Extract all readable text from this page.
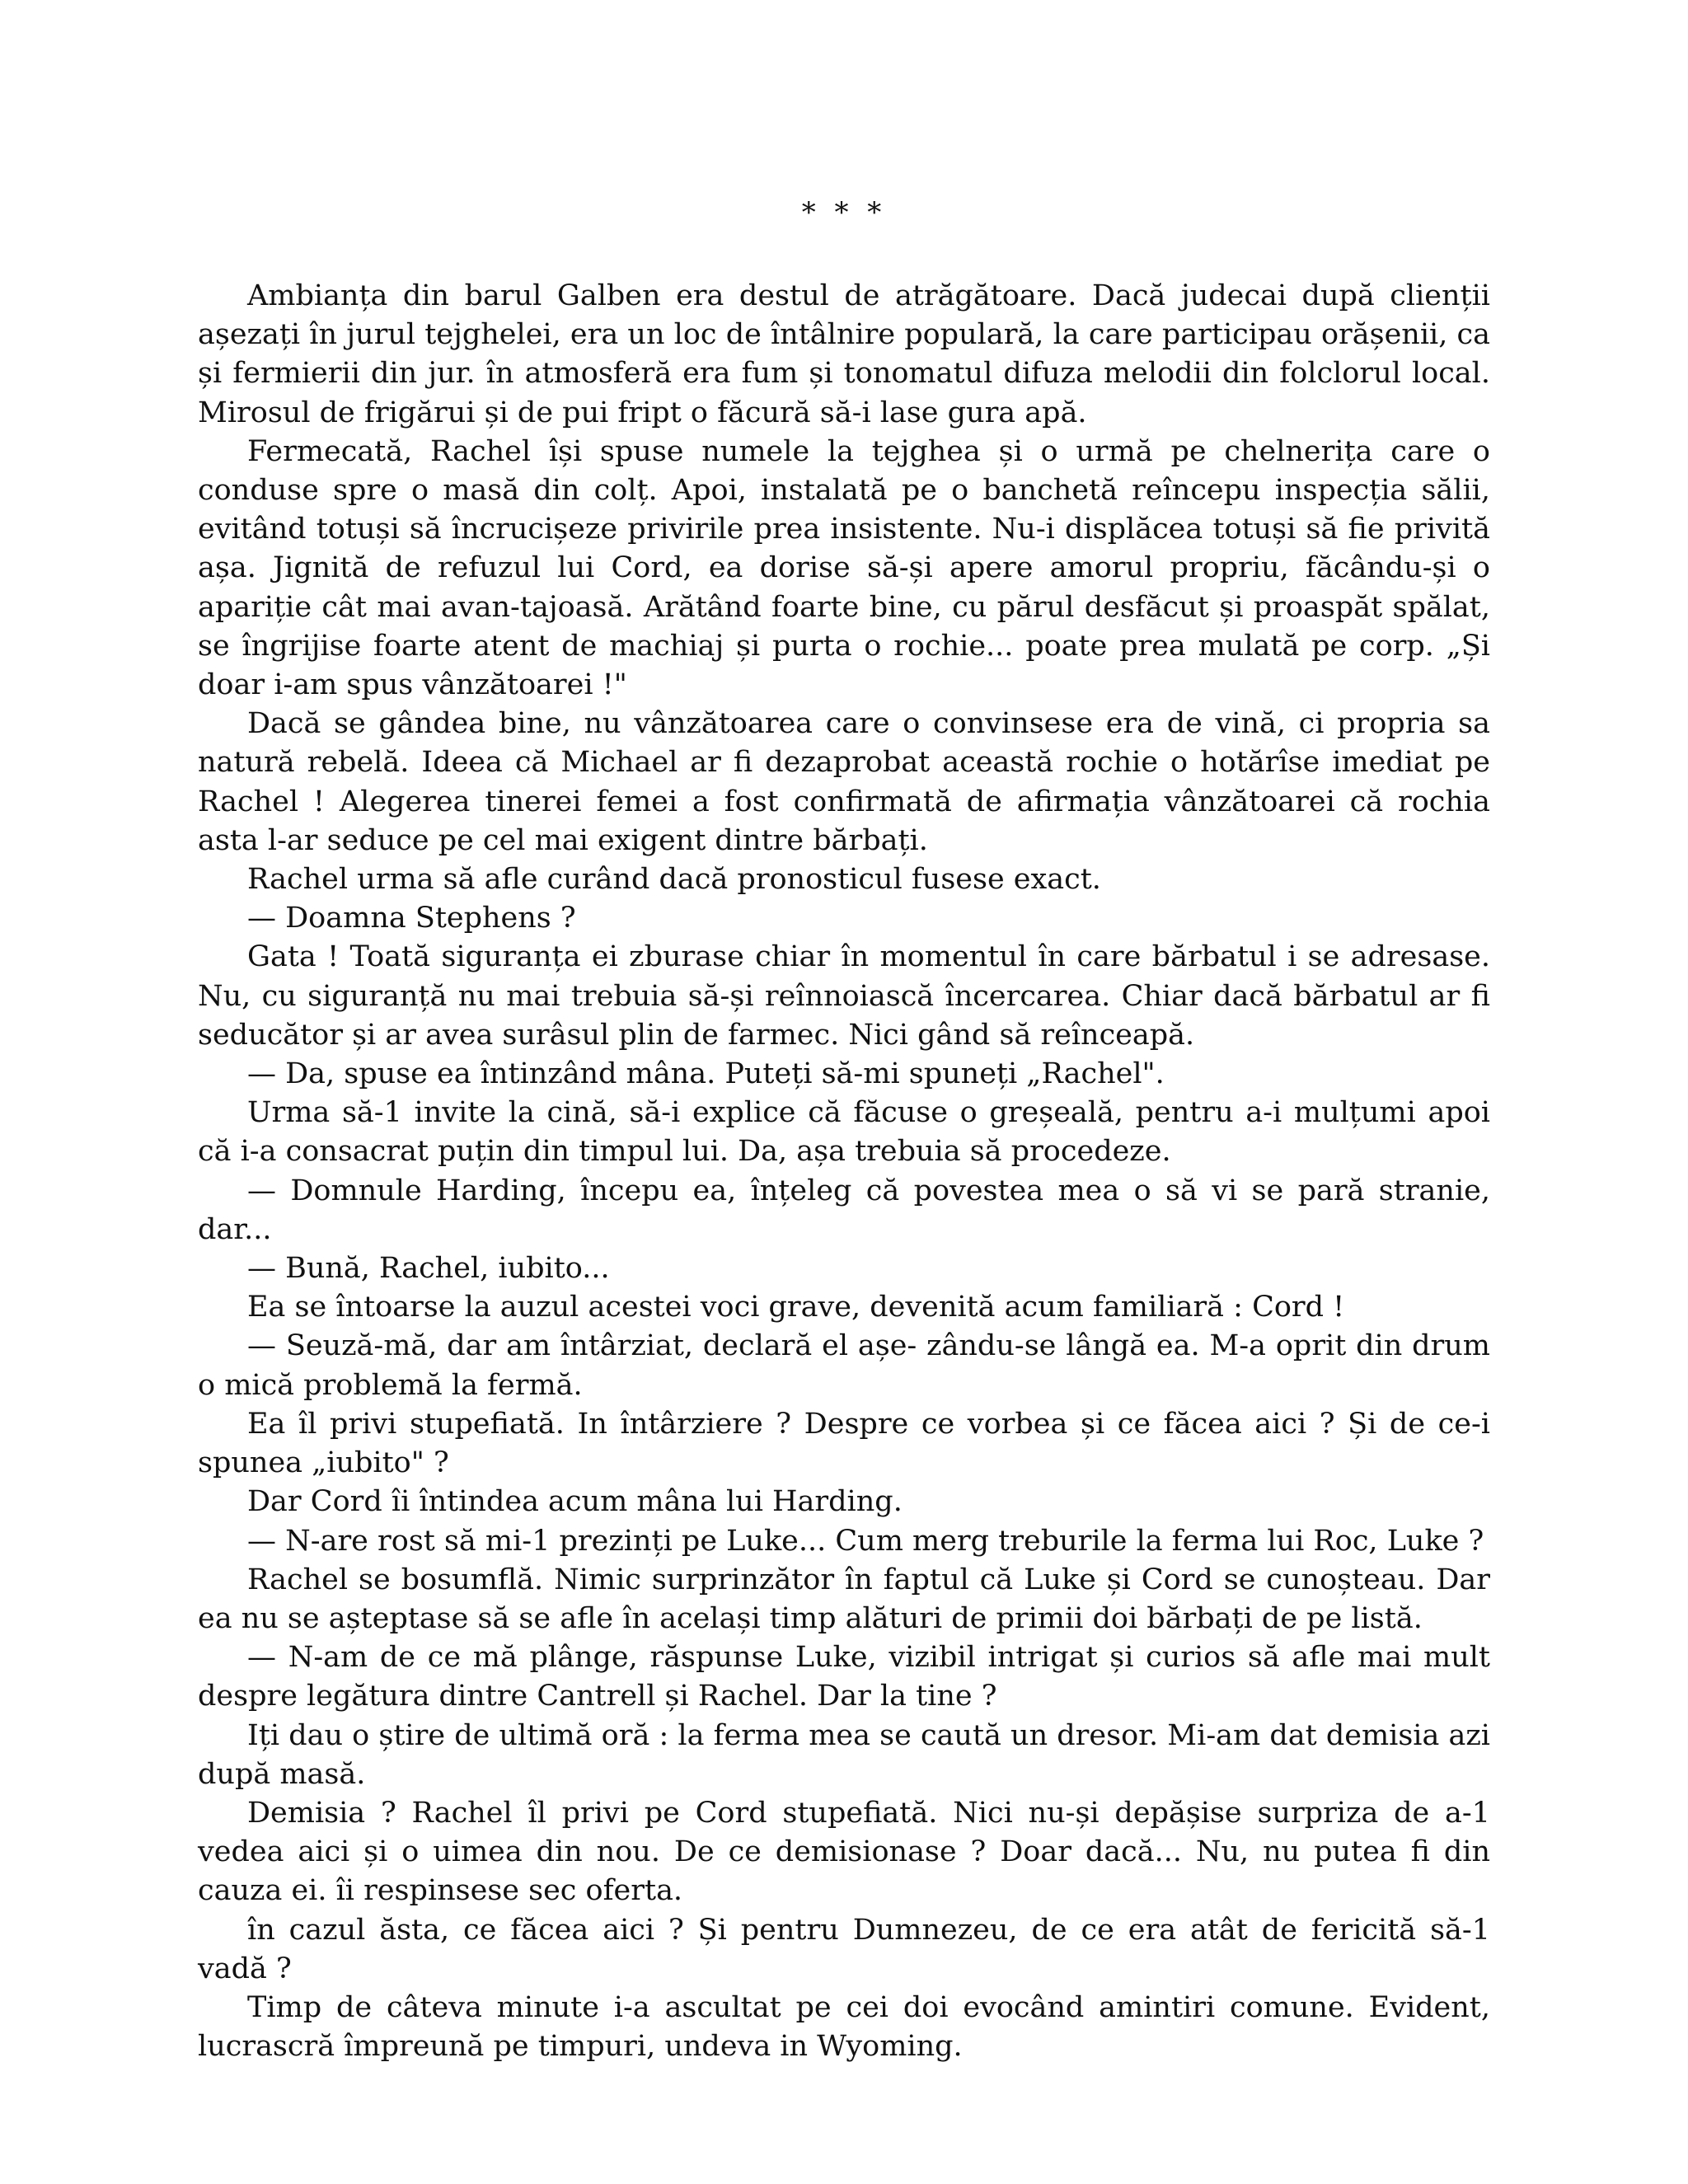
* * *

Ambianța din barul Galben era destul de atrăgătoare. Dacă judecai după clienții așezați în jurul tejghelei, era un loc de întâlnire populară, la care participau orășenii, ca și fermierii din jur. în atmosferă era fum și tonomatul difuza melodii din folclorul local. Mirosul de frigărui și de pui fript o făcură să-i lase gura apă.

Fermecată, Rachel își spuse numele la tejghea și o urmă pe chelnerița care o conduse spre o masă din colț. Apoi, instalată pe o banchetă reîncepu inspecția sălii, evitând totuși să încrucișeze privirile prea insistente. Nu-i displăcea totuși să fie privită așa. Jignită de refuzul lui Cord, ea dorise să-și apere amorul propriu, făcându-și o apariție cât mai avan-tajoasă. Arătând foarte bine, cu părul desfăcut și proaspăt spălat, se îngrijise foarte atent de machiaj și purta o rochie... poate prea mulată pe corp. „Și doar i-am spus vânzătoarei !"

Dacă se gândea bine, nu vânzătoarea care o convinsese era de vină, ci propria sa natură rebelă. Ideea că Michael ar fi dezaprobat această rochie o hotărîse imediat pe Rachel ! Alegerea tinerei femei a fost confirmată de afirmația vânzătoarei că rochia asta l-ar seduce pe cel mai exigent dintre bărbați.

Rachel urma să afle curând dacă pronosticul fusese exact.

— Doamna Stephens ?

Gata ! Toată siguranța ei zburase chiar în momentul în care bărbatul i se adresase. Nu, cu siguranță nu mai trebuia să-și reînnoiască încercarea. Chiar dacă bărbatul ar fi seducător și ar avea surâsul plin de farmec. Nici gând să reînceapă.

— Da, spuse ea întinzând mâna. Puteți să-mi spuneți „Rachel".

Urma să-1 invite la cină, să-i explice că făcuse o greșeală, pentru a-i mulțumi apoi că i-a consacrat puțin din timpul lui. Da, așa trebuia să procedeze.

— Domnule Harding, începu ea, înțeleg că povestea mea o să vi se pară stranie, dar...

— Bună, Rachel, iubito...

Ea se întoarse la auzul acestei voci grave, devenită acum familiară : Cord !

— Seuză-mă, dar am întârziat, declară el așe- zându-se lângă ea. M-a oprit din drum o mică problemă la fermă.

Ea îl privi stupefiată. In întârziere ? Despre ce vorbea și ce făcea aici ? Și de ce-i spunea „iubito" ?

Dar Cord îi întindea acum mâna lui Harding.

— N-are rost să mi-1 prezinți pe Luke... Cum merg treburile la ferma lui Roc, Luke ?

Rachel se bosumflă. Nimic surprinzător în faptul că Luke și Cord se cunoșteau. Dar ea nu se așteptase să se afle în același timp alături de primii doi bărbați de pe listă.

— N-am de ce mă plânge, răspunse Luke, vizibil intrigat și curios să afle mai mult despre legătura dintre Cantrell și Rachel. Dar la tine ?

Iți dau o știre de ultimă oră : la ferma mea se caută un dresor. Mi-am dat demisia azi după masă.

Demisia ? Rachel îl privi pe Cord stupefiată. Nici nu-și depășise surpriza de a-1 vedea aici și o uimea din nou. De ce demisionase ? Doar dacă... Nu, nu putea fi din cauza ei. îi respinsese sec oferta.

în cazul ăsta, ce făcea aici ? Și pentru Dumnezeu, de ce era atât de fericită să-1 vadă ?

Timp de câteva minute i-a ascultat pe cei doi evocând amintiri comune. Evident, lucrascră împreună pe timpuri, undeva in Wyoming.
